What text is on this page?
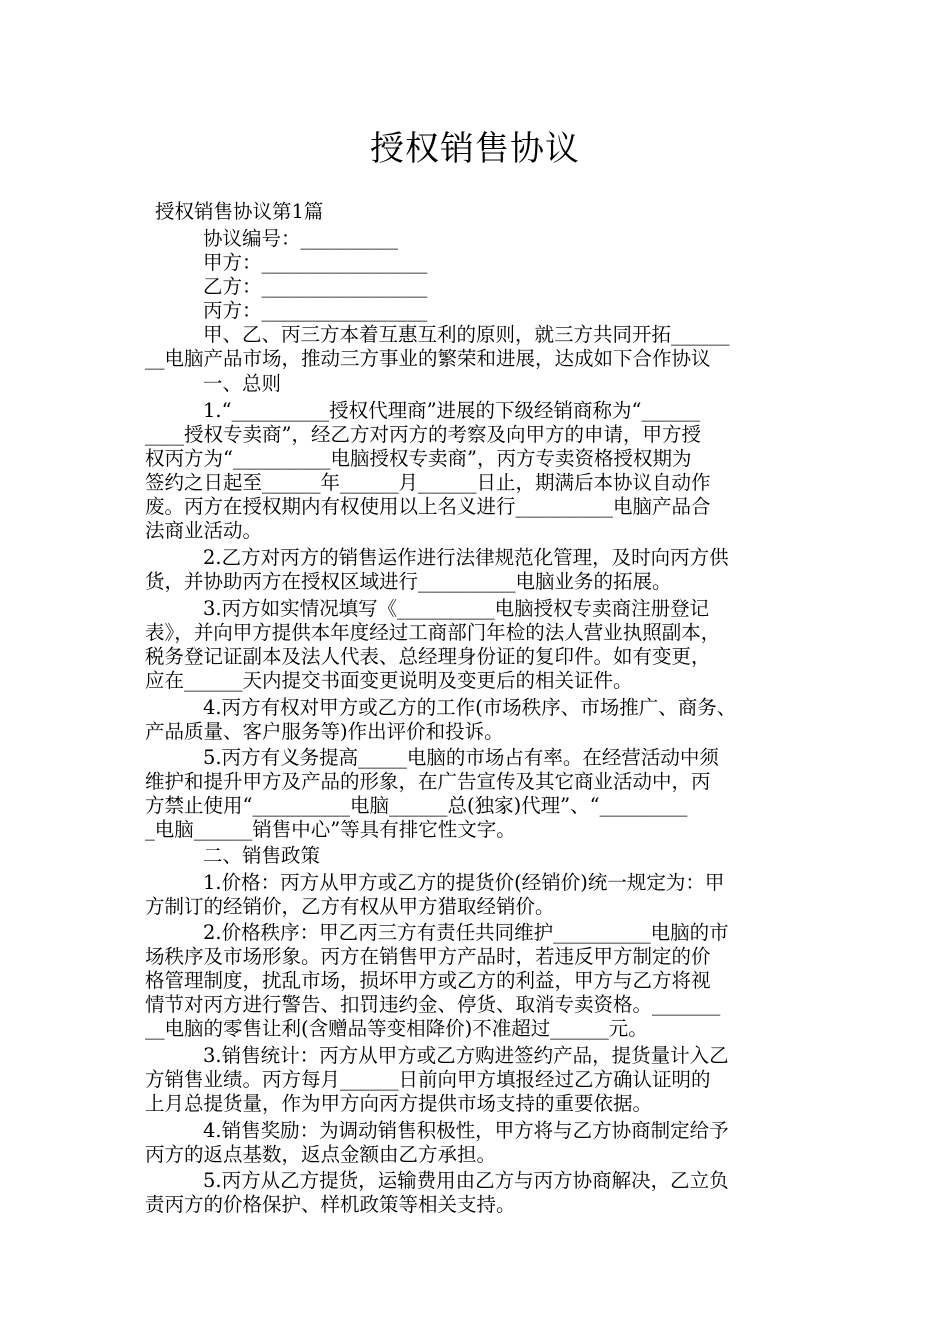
授权销售协议
授权销售协议第1篇
协议编号：__________
甲方：_________________
乙方：_________________
丙方：_________________
甲、乙、丙三方本着互惠互利的原则，就三方共同开拓______
__电脑产品市场，推动三方事业的繁荣和进展，达成如下合作协议
一、总则
1.“__________授权代理商”进展的下级经销商称为“______
____授权专卖商”，经乙方对丙方的考察及向甲方的申请，甲方授
权丙方为“__________电脑授权专卖商”，丙方专卖资格授权期为
签约之日起至______年______月______日止，期满后本协议自动作
废。丙方在授权期内有权使用以上名义进行__________电脑产品合
法商业活动。
2.乙方对丙方的销售运作进行法律规范化管理，及时向丙方供
货，并协助丙方在授权区域进行__________电脑业务的拓展。
3.丙方如实情况填写《__________电脑授权专卖商注册登记
表》，并向甲方提供本年度经过工商部门年检的法人营业执照副本，
税务登记证副本及法人代表、总经理身份证的复印件。如有变更，
应在______天内提交书面变更说明及变更后的相关证件。
4.丙方有权对甲方或乙方的工作(市场秩序、市场推广、商务、
产品质量、客户服务等)作出评价和投诉。
5.丙方有义务提高_____电脑的市场占有率。在经营活动中须
维护和提升甲方及产品的形象，在广告宣传及其它商业活动中，丙
方禁止使用“__________电脑______总(独家)代理”、“_________
_电脑______销售中心”等具有排它性文字。
二、销售政策
1.价格：丙方从甲方或乙方的提货价(经销价)统一规定为：甲
方制订的经销价，乙方有权从甲方猎取经销价。
2.价格秩序：甲乙丙三方有责任共同维护__________电脑的市
场秩序及市场形象。丙方在销售甲方产品时，若违反甲方制定的价
格管理制度，扰乱市场，损坏甲方或乙方的利益，甲方与乙方将视
情节对丙方进行警告、扣罚违约金、停货、取消专卖资格。_______
__电脑的零售让利(含赠品等变相降价)不准超过______元。
3.销售统计：丙方从甲方或乙方购进签约产品，提货量计入乙
方销售业绩。丙方每月______日前向甲方填报经过乙方确认证明的
上月总提货量，作为甲方向丙方提供市场支持的重要依据。
4.销售奖励：为调动销售积极性，甲方将与乙方协商制定给予
丙方的返点基数，返点金额由乙方承担。
5.丙方从乙方提货，运输费用由乙方与丙方协商解决，乙立负
责丙方的价格保护、样机政策等相关支持。
